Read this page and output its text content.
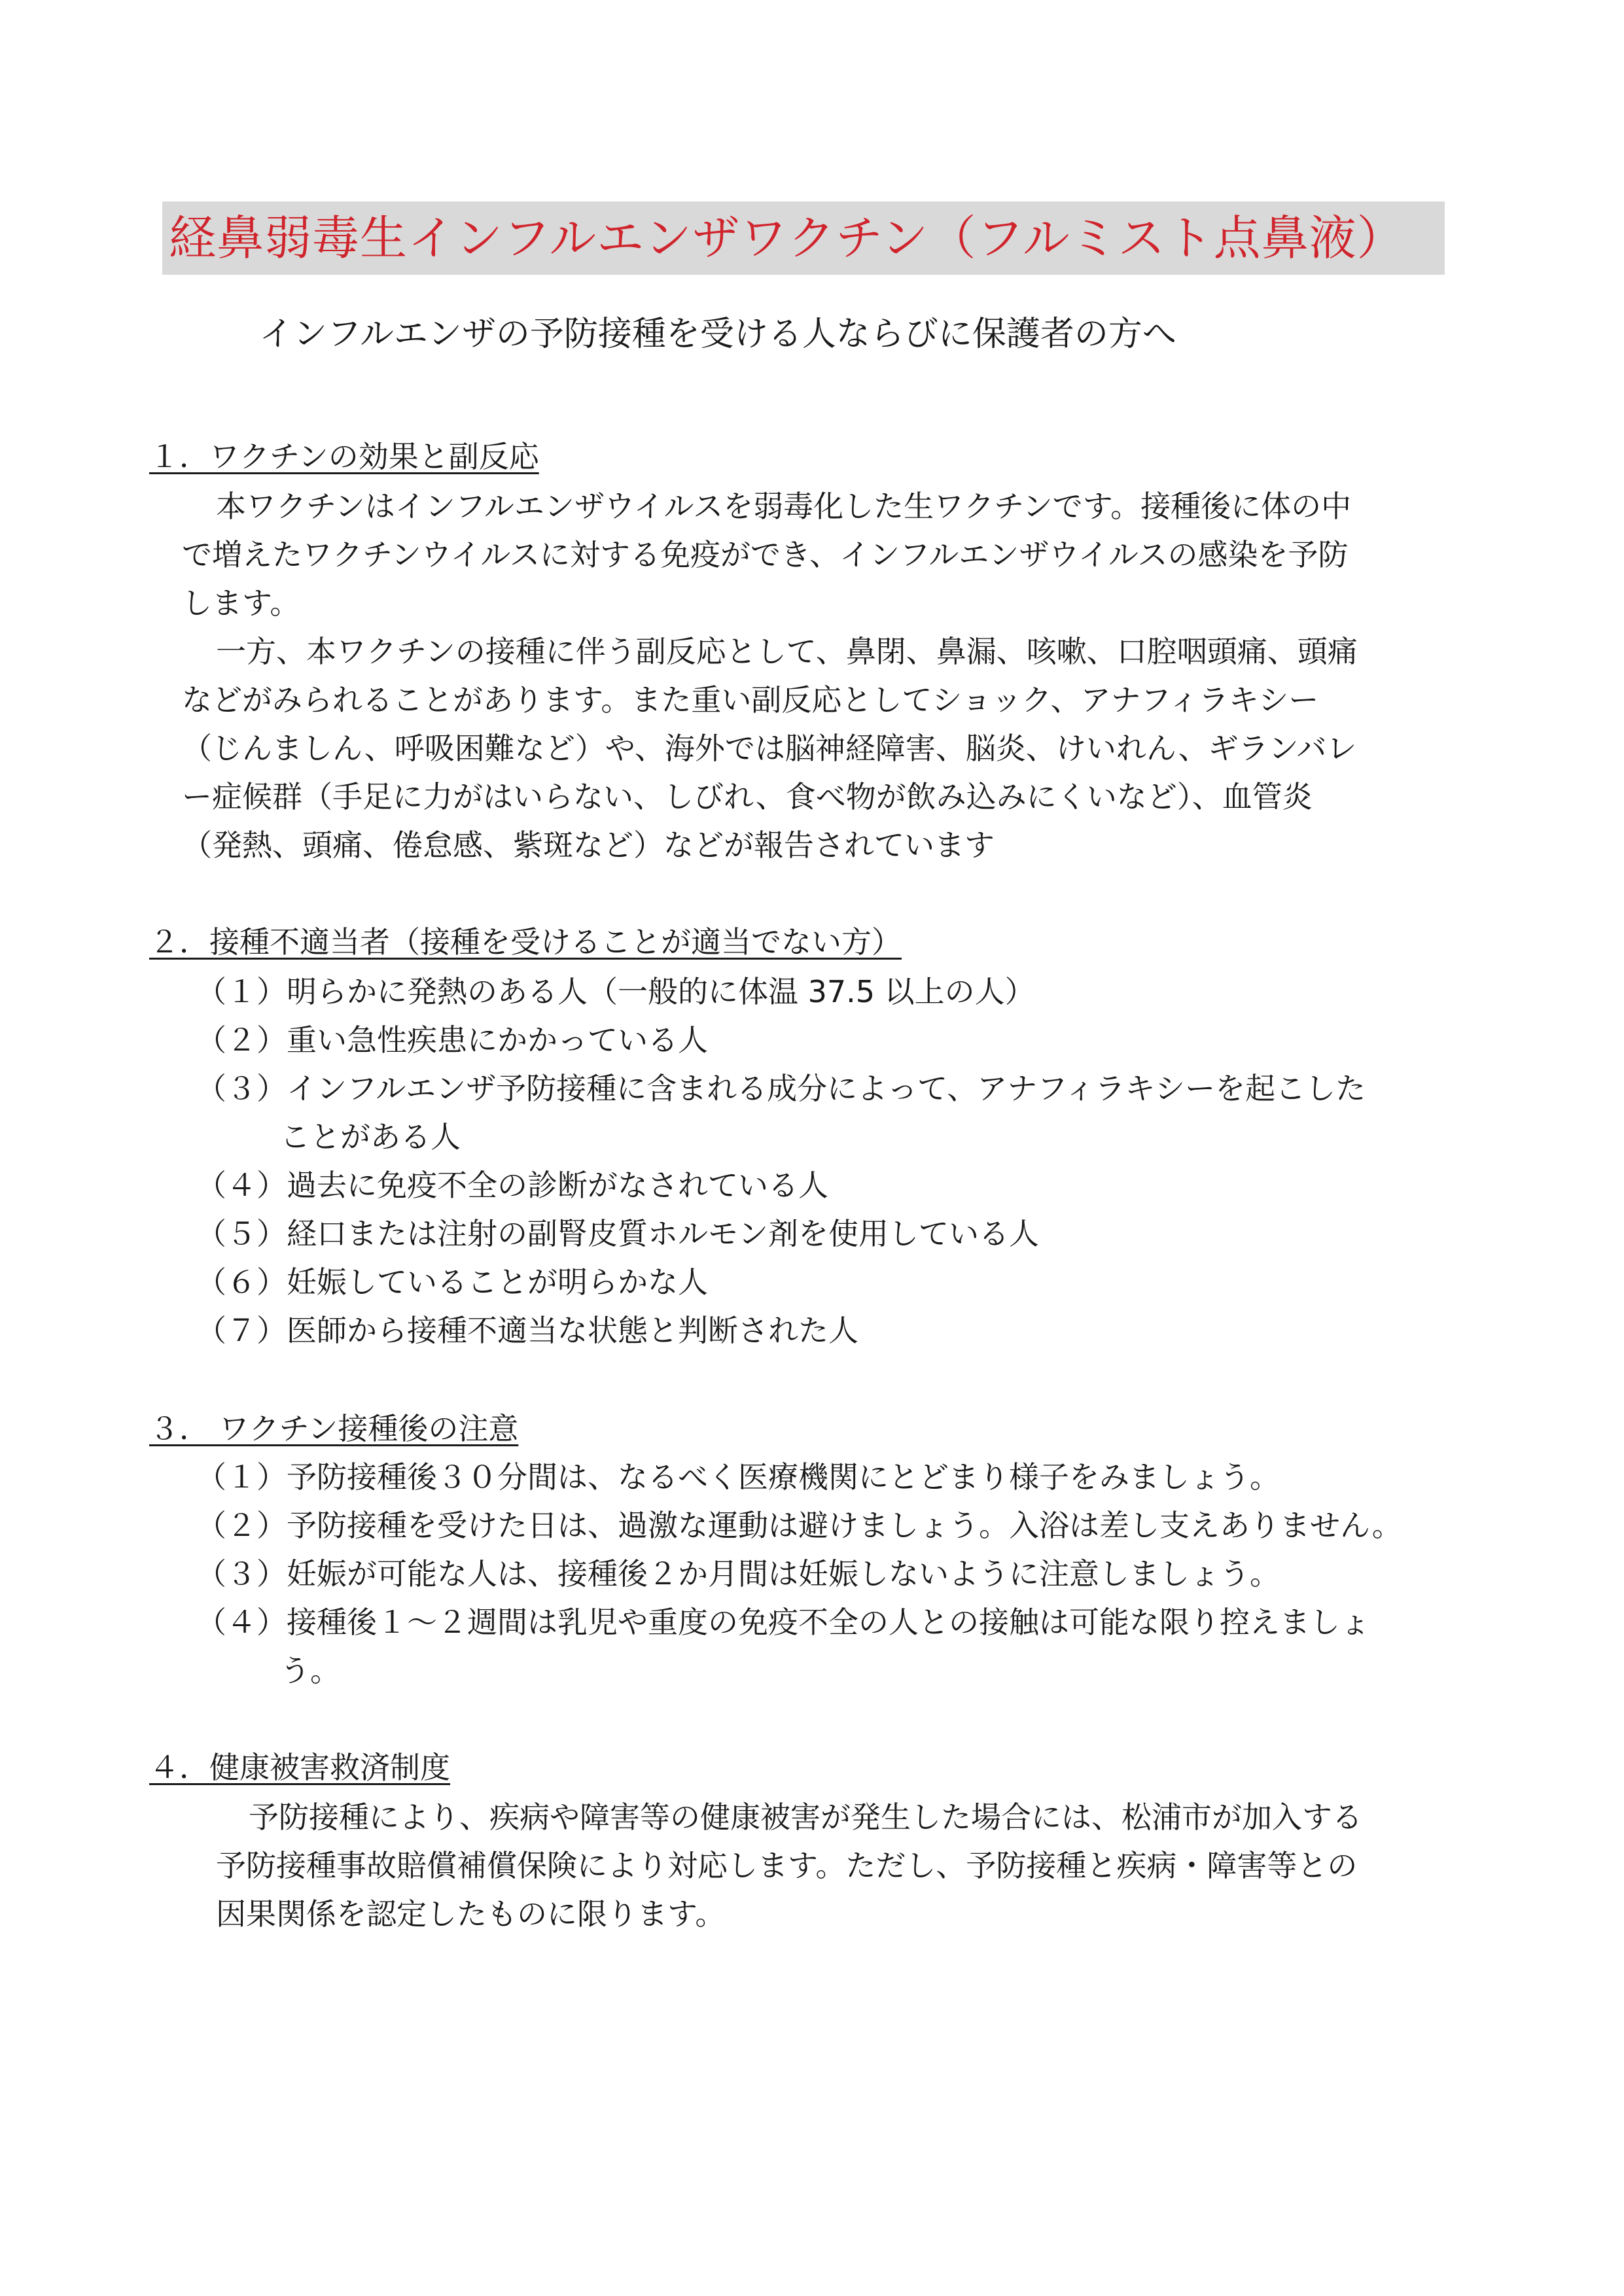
経鼻弱毒生インフルエンザワクチン（フルミスト点鼻液）
インフルエンザの予防接種を受ける人ならびに保護者の方へ
１．ワクチンの効果と副反応
本ワクチンはインフルエンザウイルスを弱毒化した生ワクチンです。接種後に体の中
で増えたワクチンウイルスに対する免疫ができ、インフルエンザウイルスの感染を予防
します。
一方、本ワクチンの接種に伴う副反応として、鼻閉、鼻漏、咳嗽、口腔咽頭痛、頭痛
などがみられることがあります。また重い副反応としてショック、アナフィラキシー
（じんましん、呼吸困難など）や、海外では脳神経障害、脳炎、けいれん、ギランバレ
ー症候群（手足に力がはいらない、しびれ、食べ物が飲み込みにくいなど）、血管炎
（発熱、頭痛、倦怠感、紫斑など）などが報告されています
２．接種不適当者（接種を受けることが適当でない方）
（１）明らかに発熱のある人（一般的に体温 37.5 以上の人）
（２）重い急性疾患にかかっている人
（３）インフルエンザ予防接種に含まれる成分によって、アナフィラキシーを起こした
ことがある人
（４）過去に免疫不全の診断がなされている人
（５）経口または注射の副腎皮質ホルモン剤を使用している人
（６）妊娠していることが明らかな人
（７）医師から接種不適当な状態と判断された人
３． ワクチン接種後の注意
（１）予防接種後３０分間は、なるべく医療機関にとどまり様子をみましょう。
（２）予防接種を受けた日は、過激な運動は避けましょう。入浴は差し支えありません。
（３）妊娠が可能な人は、接種後２か月間は妊娠しないように注意しましょう。
（４）接種後１～２週間は乳児や重度の免疫不全の人との接触は可能な限り控えましょ
う。
４．健康被害救済制度
予防接種により、疾病や障害等の健康被害が発生した場合には、松浦市が加入する
予防接種事故賠償補償保険により対応します。ただし、予防接種と疾病・障害等との
因果関係を認定したものに限ります。
